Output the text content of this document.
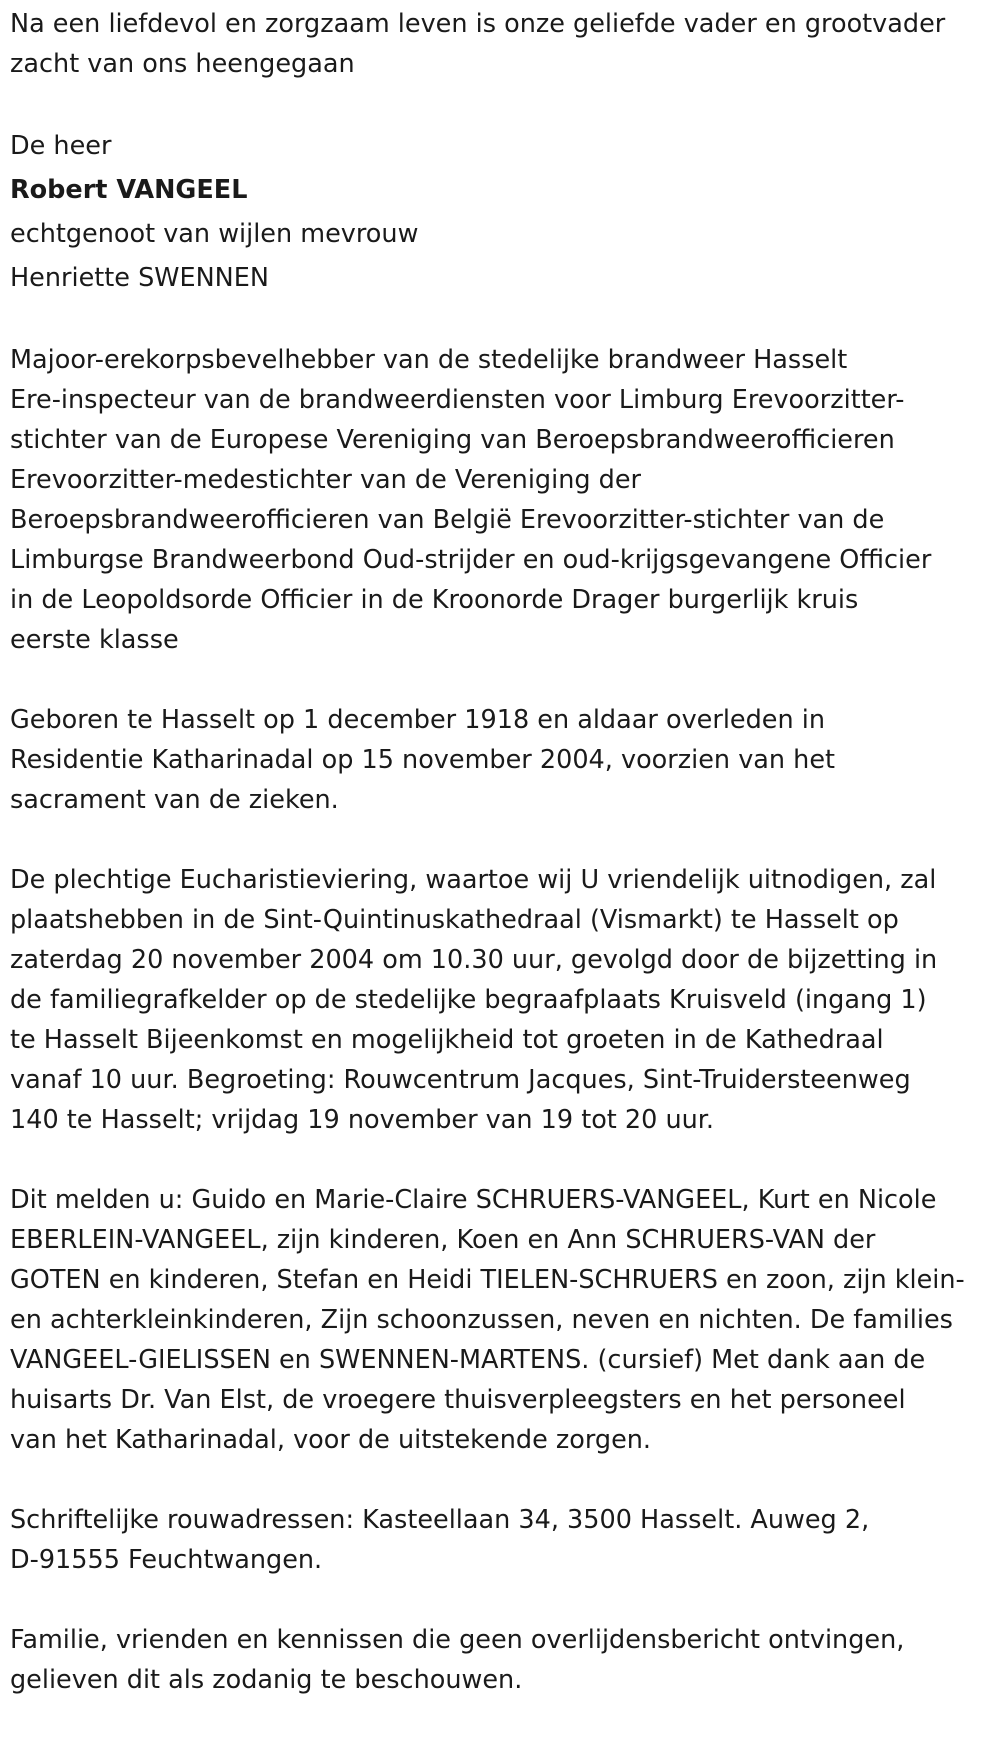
Na een liefdevol en zorgzaam leven is onze geliefde vader en grootvader
zacht van ons heengegaan
De heer
Robert VANGEEL
echtgenoot van wijlen mevrouw
Henriette SWENNEN
Majoor-erekorpsbevelhebber van de stedelijke brandweer Hasselt
Ere-inspecteur van de brandweerdiensten voor Limburg Erevoorzitter-
stichter van de Europese Vereniging van Beroepsbrandweerofficieren
Erevoorzitter-medestichter van de Vereniging der
Beroepsbrandweerofficieren van België Erevoorzitter-stichter van de
Limburgse Brandweerbond Oud-strijder en oud-krijgsgevangene Officier
in de Leopoldsorde Officier in de Kroonorde Drager burgerlijk kruis
eerste klasse
Geboren te Hasselt op 1 december 1918 en aldaar overleden in
Residentie Katharinadal op 15 november 2004, voorzien van het
sacrament van de zieken.
De plechtige Eucharistieviering, waartoe wij U vriendelijk uitnodigen, zal
plaatshebben in de Sint-Quintinuskathedraal (Vismarkt) te Hasselt op
zaterdag 20 november 2004 om 10.30 uur, gevolgd door de bijzetting in
de familiegrafkelder op de stedelijke begraafplaats Kruisveld (ingang 1)
te Hasselt Bijeenkomst en mogelijkheid tot groeten in de Kathedraal
vanaf 10 uur. Begroeting: Rouwcentrum Jacques, Sint-Truidersteenweg
140 te Hasselt; vrijdag 19 november van 19 tot 20 uur.
Dit melden u: Guido en Marie-Claire SCHRUERS-VANGEEL, Kurt en Nicole
EBERLEIN-VANGEEL, zijn kinderen, Koen en Ann SCHRUERS-VAN der
GOTEN en kinderen, Stefan en Heidi TIELEN-SCHRUERS en zoon, zijn klein-
en achterkleinkinderen, Zijn schoonzussen, neven en nichten. De families
VANGEEL-GIELISSEN en SWENNEN-MARTENS. (cursief) Met dank aan de
huisarts Dr. Van Elst, de vroegere thuisverpleegsters en het personeel
van het Katharinadal, voor de uitstekende zorgen.
Schriftelijke rouwadressen: Kasteellaan 34, 3500 Hasselt. Auweg 2,
D-91555 Feuchtwangen.
Familie, vrienden en kennissen die geen overlijdensbericht ontvingen,
gelieven dit als zodanig te beschouwen.
